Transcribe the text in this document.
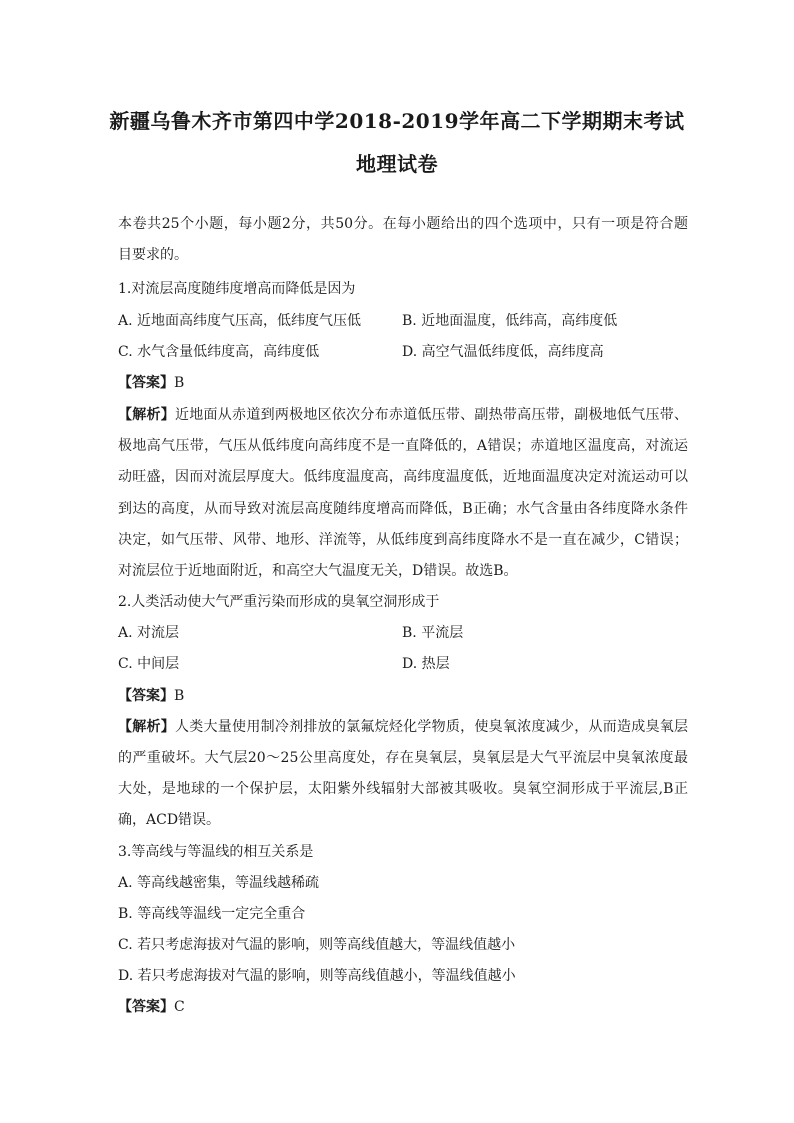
新疆乌鲁木齐市第四中学2018-2019学年高二下学期期末考试
地理试卷
本卷共25个小题，每小题2分，共50分。在每小题给出的四个选项中，只有一项是符合题
目要求的。
1.对流层高度随纬度增高而降低是因为
A. 近地面高纬度气压高，低纬度气压低	B. 近地面温度，低纬高，高纬度低
C. 水气含量低纬度高，高纬度低	D. 高空气温低纬度低，高纬度高
【答案】B
【解析】近地面从赤道到两极地区依次分布赤道低压带、副热带高压带，副极地低气压带、
极地高气压带，气压从低纬度向高纬度不是一直降低的，A错误；赤道地区温度高，对流运
动旺盛，因而对流层厚度大。低纬度温度高，高纬度温度低，近地面温度决定对流运动可以
到达的高度，从而导致对流层高度随纬度增高而降低，B正确；水气含量由各纬度降水条件
决定，如气压带、风带、地形、洋流等，从低纬度到高纬度降水不是一直在减少，C错误；
对流层位于近地面附近，和高空大气温度无关，D错误。故选B。
2.人类活动使大气严重污染而形成的臭氧空洞形成于
A. 对流层	B. 平流层
C. 中间层	D. 热层
【答案】B
【解析】人类大量使用制冷剂排放的氯氟烷烃化学物质，使臭氧浓度减少，从而造成臭氧层
的严重破坏。大气层20～25公里高度处，存在臭氧层，臭氧层是大气平流层中臭氧浓度最
大处，是地球的一个保护层，太阳紫外线辐射大部被其吸收。臭氧空洞形成于平流层,B正
确，ACD错误。
3.等高线与等温线的相互关系是
A. 等高线越密集，等温线越稀疏
B. 等高线等温线一定完全重合
C. 若只考虑海拔对气温的影响，则等高线值越大，等温线值越小
D. 若只考虑海拔对气温的影响，则等高线值越小，等温线值越小
【答案】C
